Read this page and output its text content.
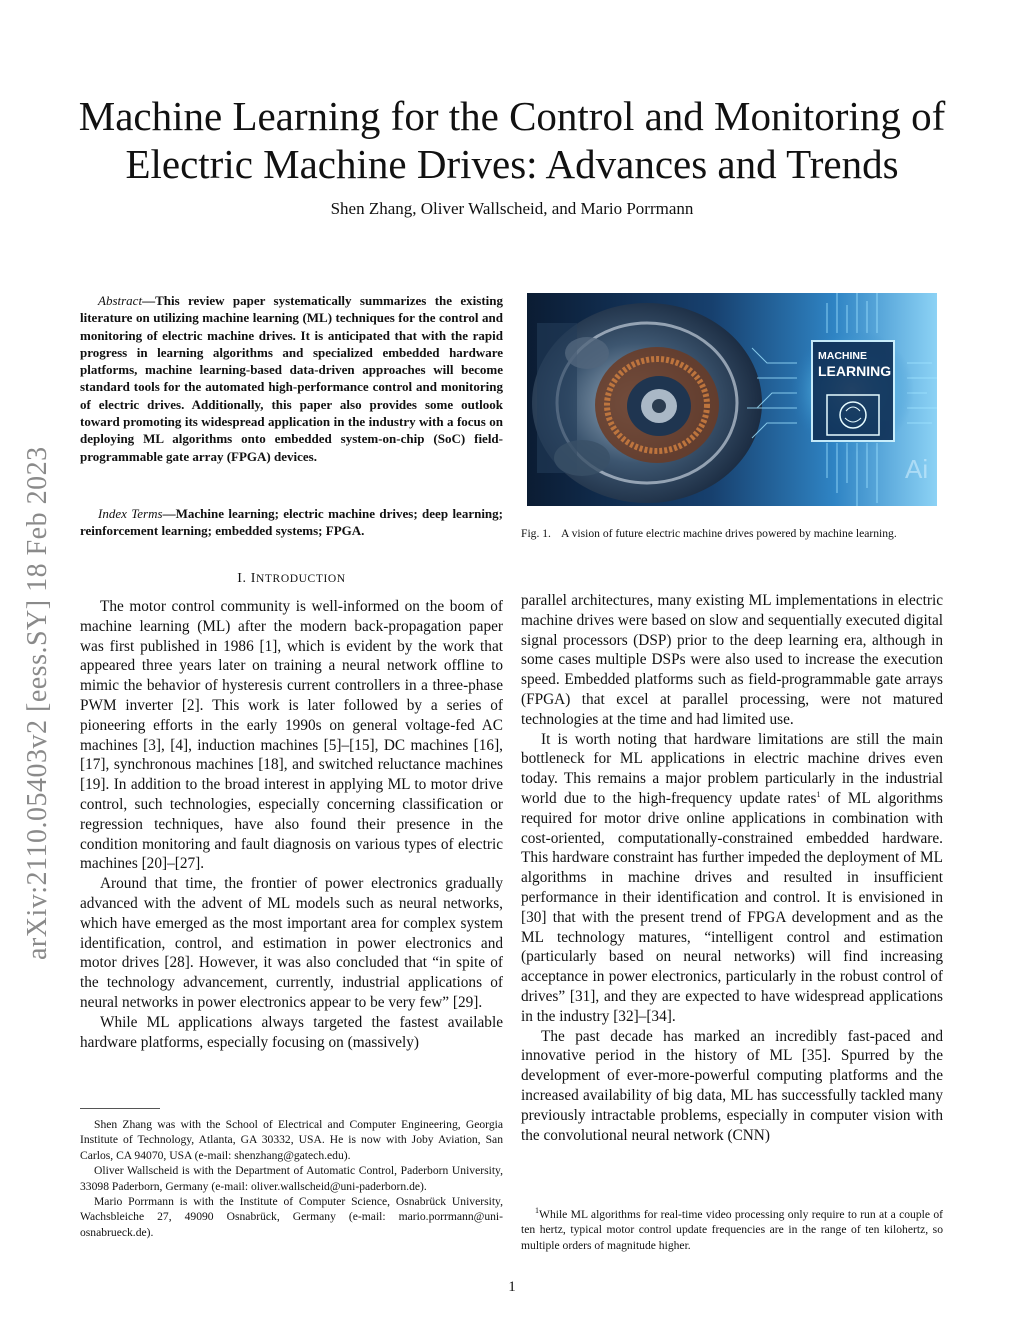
Machine Learning for the Control and Monitoring of Electric Machine Drives: Advances and Trends
Shen Zhang, Oliver Wallscheid, and Mario Porrmann
arXiv:2110.05403v2 [eess.SY] 18 Feb 2023

Abstract—This review paper systematically summarizes the existing literature on utilizing machine learning (ML) techniques for the control and monitoring of electric machine drives. It is anticipated that with the rapid progress in learning algorithms and specialized embedded hardware platforms, machine learning-based data-driven approaches will become standard tools for the automated high-performance control and monitoring of electric drives. Additionally, this paper also provides some outlook toward promoting its widespread application in the industry with a focus on deploying ML algorithms onto embedded system-on-chip (SoC) field-programmable gate array (FPGA) devices.

Index Terms—Machine learning; electric machine drives; deep learning; reinforcement learning; embedded systems; FPGA.

I. INTRODUCTION

The motor control community is well-informed on the boom of machine learning (ML) after the modern back-propagation paper was first published in 1986 [1], which is evident by the work that appeared three years later on training a neural network offline to mimic the behavior of hysteresis current controllers in a three-phase PWM inverter [2]. This work is later followed by a series of pioneering efforts in the early 1990s on general voltage-fed AC machines [3], [4], induction machines [5]–[15], DC machines [16], [17], synchronous machines [18], and switched reluctance machines [19]. In addition to the broad interest in applying ML to motor drive control, such technologies, especially concerning classification or regression techniques, have also found their presence in the condition monitoring and fault diagnosis on various types of electric machines [20]–[27].

Around that time, the frontier of power electronics gradually advanced with the advent of ML models such as neural networks, which have emerged as the most important area for complex system identification, control, and estimation in power electronics and motor drives [28]. However, it was also concluded that “in spite of the technology advancement, currently, industrial applications of neural networks in power electronics appear to be very few” [29].

While ML applications always targeted the fastest available hardware platforms, especially focusing on (massively)

Shen Zhang was with the School of Electrical and Computer Engineering, Georgia Institute of Technology, Atlanta, GA 30332, USA. He is now with Joby Aviation, San Carlos, CA 94070, USA (e-mail: shenzhang@gatech.edu).

Oliver Wallscheid is with the Department of Automatic Control, Paderborn University, 33098 Paderborn, Germany (e-mail: oliver.wallscheid@uni-paderborn.de).

Mario Porrmann is with the Institute of Computer Science, Osnabrück University, Wachsbleiche 27, 49090 Osnabrück, Germany (e-mail: mario.porrmann@uni-osnabrueck.de).

MACHINE
LEARNING
Ai

Fig. 1. A vision of future electric machine drives powered by machine learning.

parallel architectures, many existing ML implementations in electric machine drives were based on slow and sequentially executed digital signal processors (DSP) prior to the deep learning era, although in some cases multiple DSPs were also used to increase the execution speed. Embedded platforms such as field-programmable gate arrays (FPGA) that excel at parallel processing, were not matured technologies at the time and had limited use.

It is worth noting that hardware limitations are still the main bottleneck for ML applications in electric machine drives even today. This remains a major problem particularly in the industrial world due to the high-frequency update rates$^1$ of ML algorithms required for motor drive online applications in combination with cost-oriented, computationally-constrained embedded hardware. This hardware constraint has further impeded the deployment of ML algorithms in machine drives and resulted in insufficient performance in their identification and control. It is envisioned in [30] that with the present trend of FPGA development and as the ML technology matures, “intelligent control and estimation (particularly based on neural networks) will find increasing acceptance in power electronics, particularly in the robust control of drives” [31], and they are expected to have widespread applications in the industry [32]–[34].

The past decade has marked an incredibly fast-paced and innovative period in the history of ML [35]. Spurred by the development of ever-more-powerful computing platforms and the increased availability of big data, ML has successfully tackled many previously intractable problems, especially in computer vision with the convolutional neural network (CNN)

$^1$While ML algorithms for real-time video processing only require to run at a couple of ten hertz, typical motor control update frequencies are in the range of ten kilohertz, so multiple orders of magnitude higher.

1
